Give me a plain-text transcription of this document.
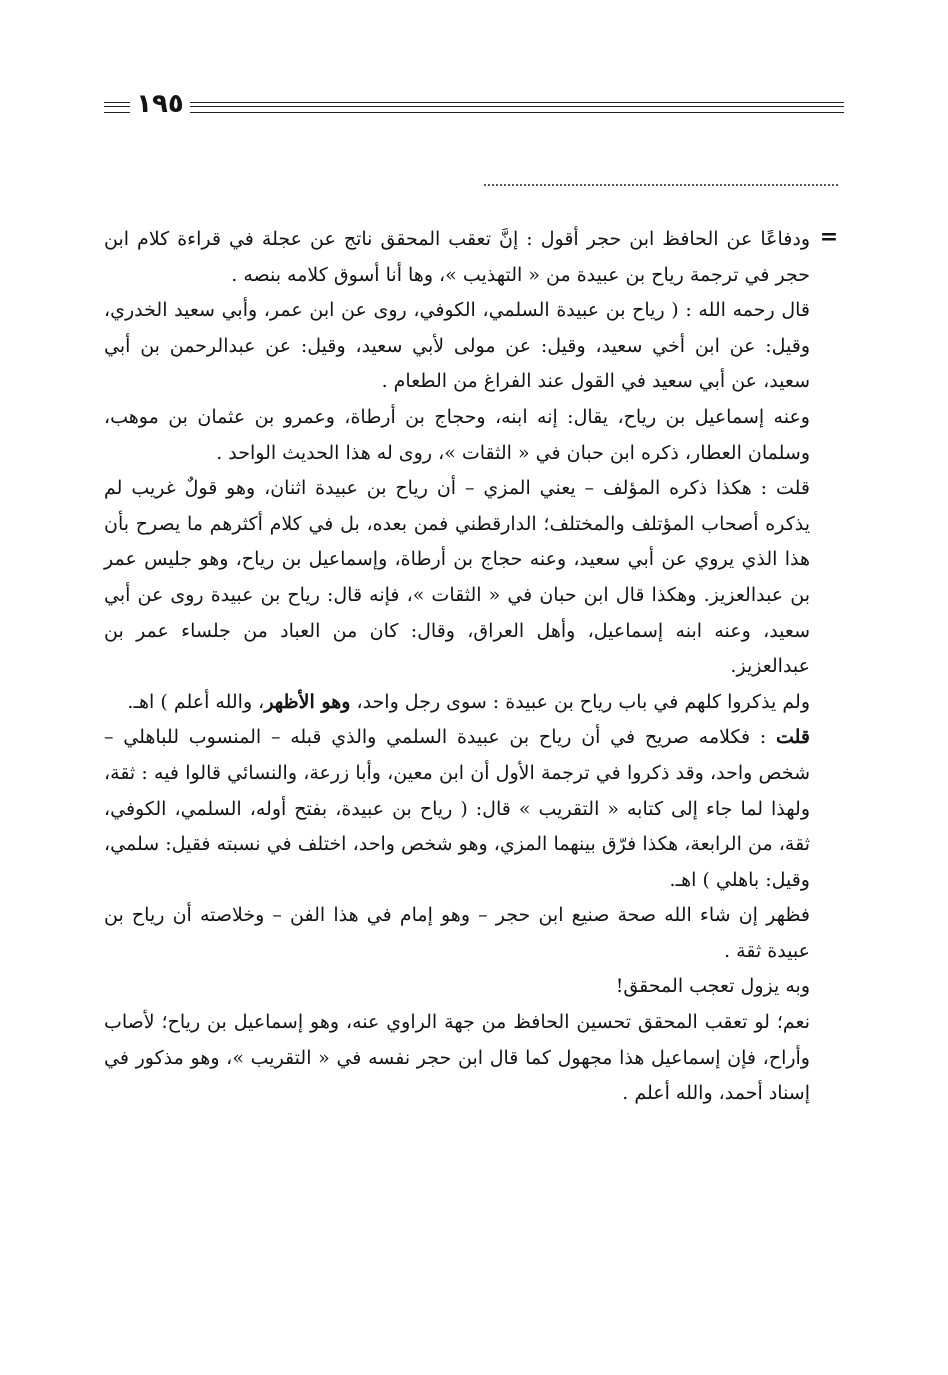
١٩٥
=

ودفاعًا عن الحافظ ابن حجر أقول : إنَّ تعقب المحقق ناتج عن عجلة في قراءة كلام ابن حجر في ترجمة رياح بن عبيدة من « التهذيب »، وها أنا أسوق كلامه بنصه .

قال رحمه الله : ( رياح بن عبيدة السلمي، الكوفي، روى عن ابن عمر، وأبي سعيد الخدري، وقيل: عن ابن أخي سعيد، وقيل: عن مولى لأبي سعيد، وقيل: عن عبدالرحمن بن أبي سعيد، عن أبي سعيد في القول عند الفراغ من الطعام .

وعنه إسماعيل بن رياح، يقال: إنه ابنه، وحجاج بن أرطاة، وعمرو بن عثمان بن موهب، وسلمان العطار، ذكره ابن حبان في « الثقات »، روى له هذا الحديث الواحد .

قلت : هكذا ذكره المؤلف – يعني المزي – أن رياح بن عبيدة اثنان، وهو قولٌ غريب لم يذكره أصحاب المؤتلف والمختلف؛ الدارقطني فمن بعده، بل في كلام أكثرهم ما يصرح بأن هذا الذي يروي عن أبي سعيد، وعنه حجاج بن أرطاة، وإسماعيل بن رياح، وهو جليس عمر بن عبدالعزيز. وهكذا قال ابن حبان في « الثقات »، فإنه قال: رياح بن عبيدة روى عن أبي سعيد، وعنه ابنه إسماعيل، وأهل العراق، وقال: كان من العباد من جلساء عمر بن عبدالعزيز.

ولم يذكروا كلهم في باب رياح بن عبيدة : سوى رجل واحد، وهو الأظهر، والله أعلم ) اهـ.

قلت : فكلامه صريح في أن رياح بن عبيدة السلمي والذي قبله – المنسوب للباهلي – شخص واحد، وقد ذكروا في ترجمة الأول أن ابن معين، وأبا زرعة، والنسائي قالوا فيه : ثقة، ولهذا لما جاء إلى كتابه « التقريب » قال: ( رياح بن عبيدة، بفتح أوله، السلمي، الكوفي، ثقة، من الرابعة، هكذا فرّق بينهما المزي، وهو شخص واحد، اختلف في نسبته فقيل: سلمي، وقيل: باهلي ) اهـ.

فظهر إن شاء الله صحة صنيع ابن حجر – وهو إمام في هذا الفن – وخلاصته أن رياح بن عبيدة ثقة .

وبه يزول تعجب المحقق!

نعم؛ لو تعقب المحقق تحسين الحافظ من جهة الراوي عنه، وهو إسماعيل بن رياح؛ لأصاب وأراح، فإن إسماعيل هذا مجهول كما قال ابن حجر نفسه في « التقريب »، وهو مذكور في إسناد أحمد، والله أعلم .
